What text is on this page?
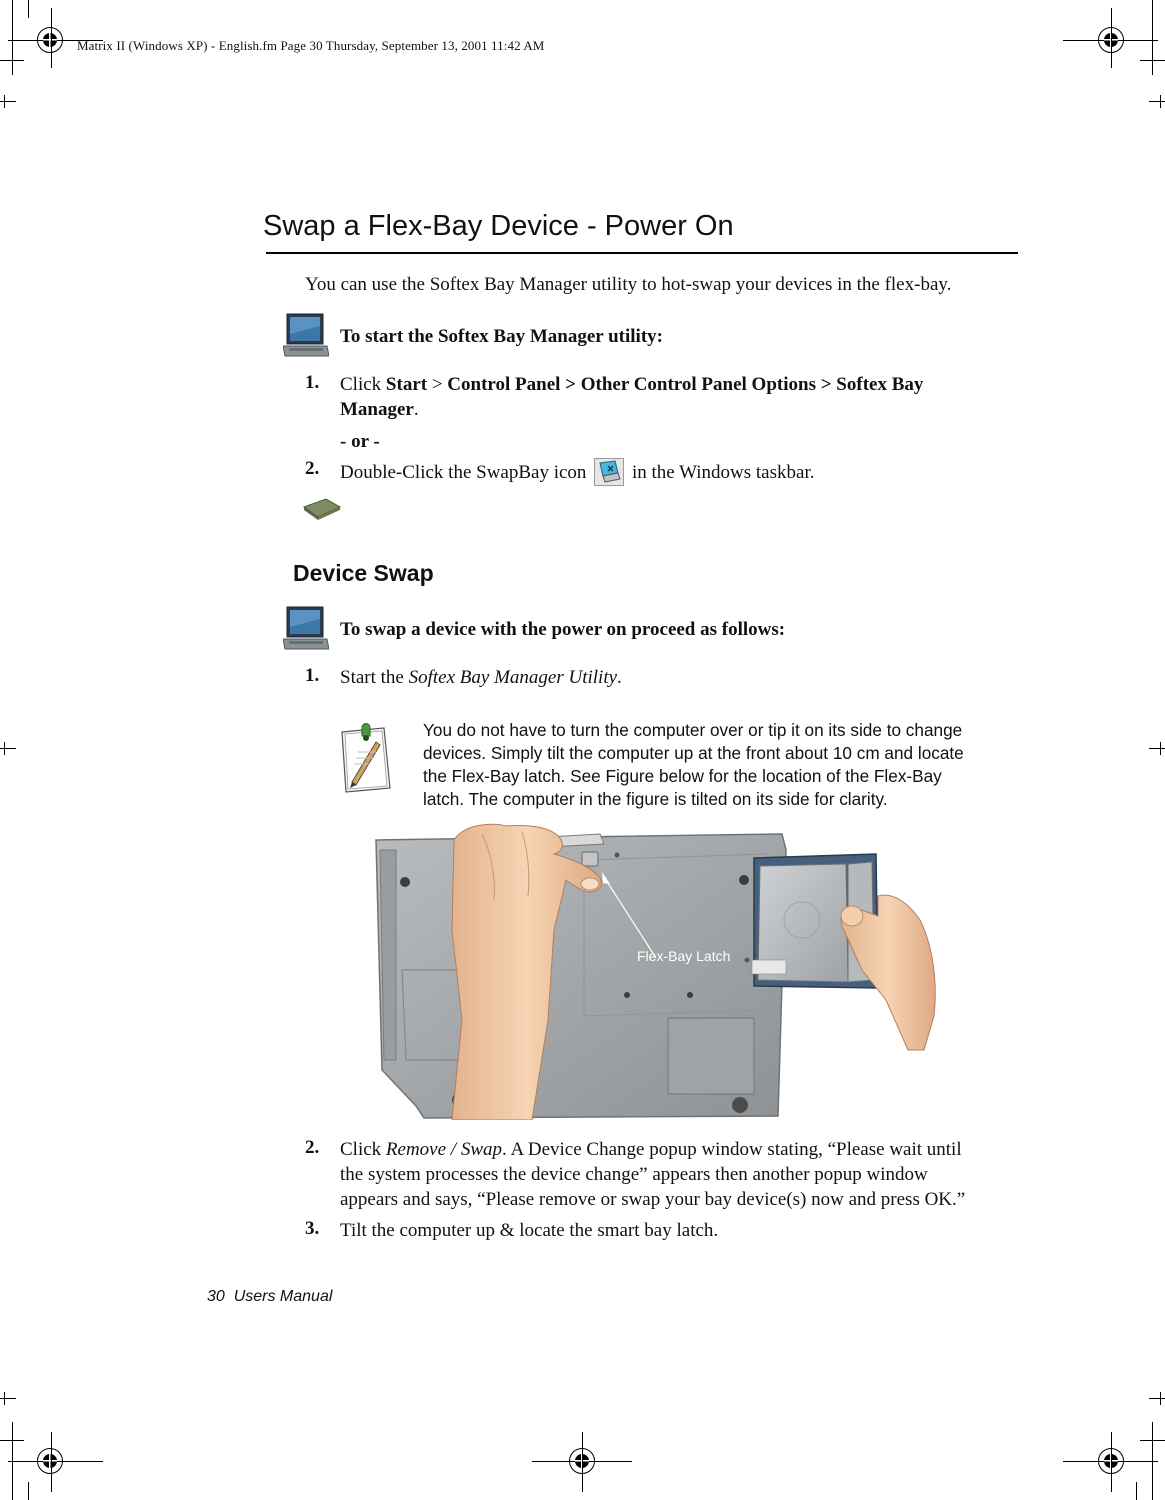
Matrix II (Windows XP) - English.fm Page 30 Thursday, September 13, 2001 11:42 AM
Swap a Flex-Bay Device - Power On
You can use the Softex Bay Manager utility to hot-swap your devices in the flex-bay.
To start the Softex Bay Manager utility:
1. Click Start > Control Panel > Other Control Panel Options > Softex Bay
Manager.
- or -
2. Double-Click the SwapBay icon in the Windows taskbar.
Device Swap
To swap a device with the power on proceed as follows:
1. Start the Softex Bay Manager Utility.
You do not have to turn the computer over or tip it on its side to change
devices. Simply tilt the computer up at the front about 10 cm and locate
the Flex-Bay latch. See Figure below for the location of the Flex-Bay
latch. The computer in the figure is tilted on its side for clarity.
Flex-Bay Latch
2. Click Remove / Swap. A Device Change popup window stating, “Please wait until
the system processes the device change” appears then another popup window
appears and says, “Please remove or swap your bay device(s) now and press OK.”
3. Tilt the computer up & locate the smart bay latch.
30 Users Manual
